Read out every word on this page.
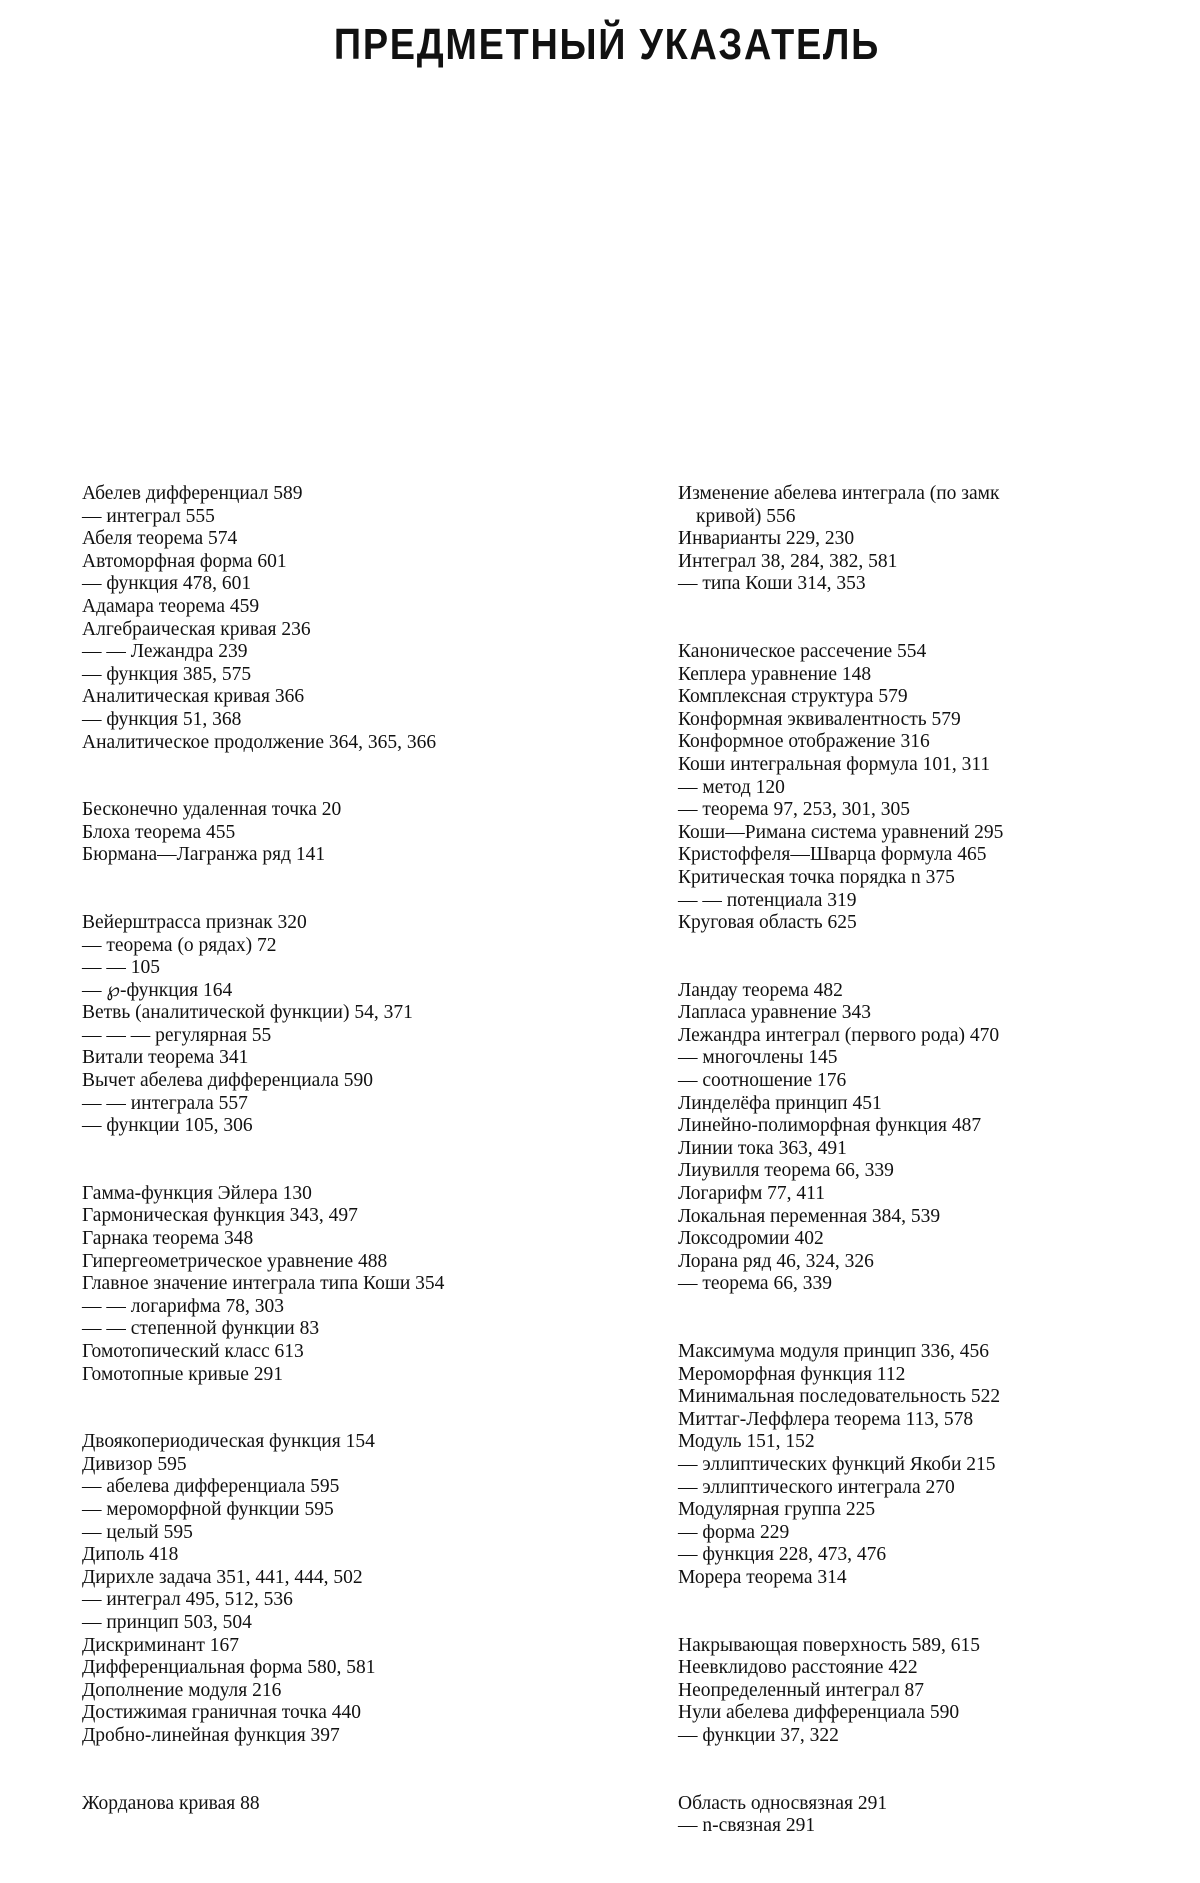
ПРЕДМЕТНЫЙ УКАЗАТЕЛЬ
Абелев дифференциал 589
— интеграл 555
Абеля теорема 574
Автоморфная форма 601
— функция 478, 601
Адамара теорема 459
Алгебраическая кривая 236
— — Лежандра 239
— функция 385, 575
Аналитическая кривая 366
— функция 51, 368
Аналитическое продолжение 364, 365, 366
Бесконечно удаленная точка 20
Блоха теорема 455
Бюрмана—Лагранжа ряд 141
Вейерштрасса признак 320
— теорема (о рядах) 72
— — 105
— ℘-функция 164
Ветвь (аналитической функции) 54, 371
— — — регулярная 55
Витали теорема 341
Вычет абелева дифференциала 590
— — интеграла 557
— функции 105, 306
Гамма-функция Эйлера 130
Гармоническая функция 343, 497
Гарнака теорема 348
Гипергеометрическое уравнение 488
Главное значение интеграла типа Коши 354
— — логарифма 78, 303
— — степенной функции 83
Гомотопический класс 613
Гомотопные кривые 291
Двоякопериодическая функция 154
Дивизор 595
— абелева дифференциала 595
— мероморфной функции 595
— целый 595
Диполь 418
Дирихле задача 351, 441, 444, 502
— интеграл 495, 512, 536
— принцип 503, 504
Дискриминант 167
Дифференциальная форма 580, 581
Дополнение модуля 216
Достижимая граничная точка 440
Дробно-линейная функция 397
Жорданова кривая 88
Изменение абелева интеграла (по замк
кривой) 556
Инварианты 229, 230
Интеграл 38, 284, 382, 581
— типа Коши 314, 353
Каноническое рассечение 554
Кеплера уравнение 148
Комплексная структура 579
Конформная эквивалентность 579
Конформное отображение 316
Коши интегральная формула 101, 311
— метод 120
— теорема 97, 253, 301, 305
Коши—Римана система уравнений 295
Кристоффеля—Шварца формула 465
Критическая точка порядка n 375
— — потенциала 319
Круговая область 625
Ландау теорема 482
Лапласа уравнение 343
Лежандра интеграл (первого рода) 470
— многочлены 145
— соотношение 176
Линделёфа принцип 451
Линейно-полиморфная функция 487
Линии тока 363, 491
Лиувилля теорема 66, 339
Логарифм 77, 411
Локальная переменная 384, 539
Локсодромии 402
Лорана ряд 46, 324, 326
— теорема 66, 339
Максимума модуля принцип 336, 456
Мероморфная функция 112
Минимальная последовательность 522
Миттаг-Леффлера теорема 113, 578
Модуль 151, 152
— эллиптических функций Якоби 215
— эллиптического интеграла 270
Модулярная группа 225
— форма 229
— функция 228, 473, 476
Морера теорема 314
Накрывающая поверхность 589, 615
Неевклидово расстояние 422
Неопределенный интеграл 87
Нули абелева дифференциала 590
— функции 37, 322
Область односвязная 291
— n-связная 291
